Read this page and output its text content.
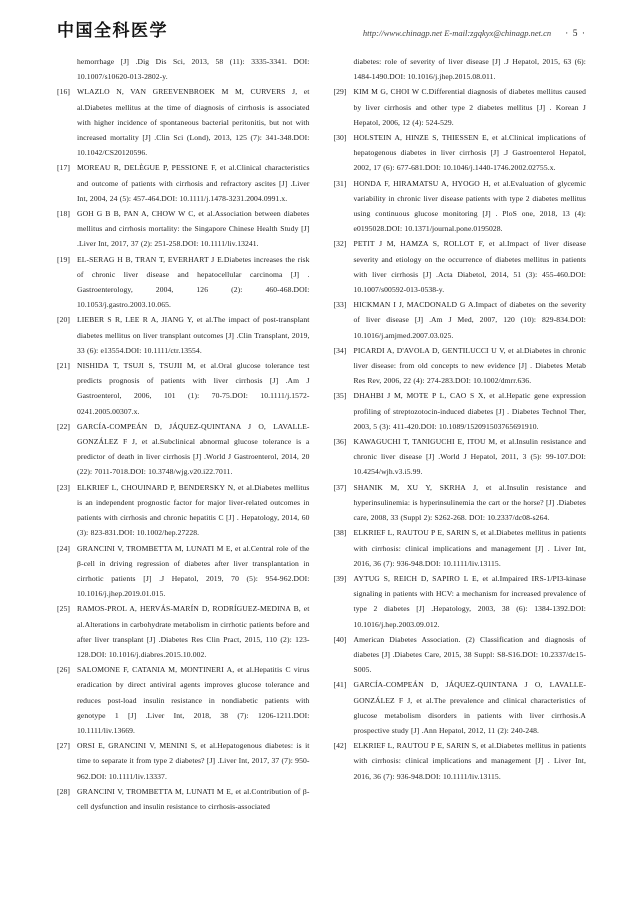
中国全科医学	http://www.chinagp.net E-mail:zgqkyx@chinagp.net.cn · 5 ·

hemorrhage [J] .Dig Dis Sci, 2013, 58 (11): 3335-3341. DOI: 10.1007/s10620-013-2802-y.

[16] WLAZLO N, VAN GREEVENBROEK M M, CURVERS J, et al.Diabetes mellitus at the time of diagnosis of cirrhosis is associated with higher incidence of spontaneous bacterial peritonitis, but not with increased mortality [J] .Clin Sci (Lond), 2013, 125 (7): 341-348.DOI: 10.1042/CS20120596.

[17] MOREAU R, DELÈGUE P, PESSIONE F, et al.Clinical characteristics and outcome of patients with cirrhosis and refractory ascites [J] .Liver Int, 2004, 24 (5): 457-464.DOI: 10.1111/j.1478-3231.2004.0991.x.

[18] GOH G B B, PAN A, CHOW W C, et al.Association between diabetes mellitus and cirrhosis mortality: the Singapore Chinese Health Study [J] .Liver Int, 2017, 37 (2): 251-258.DOI: 10.1111/liv.13241.

[19] EL-SERAG H B, TRAN T, EVERHART J E.Diabetes increases the risk of chronic liver disease and hepatocellular carcinoma [J] . Gastroenterology, 2004, 126 (2): 460-468.DOI: 10.1053/j.gastro.2003.10.065.

[20] LIEBER S R, LEE R A, JIANG Y, et al.The impact of post-transplant diabetes mellitus on liver transplant outcomes [J] .Clin Transplant, 2019, 33 (6): e13554.DOI: 10.1111/ctr.13554.

[21] NISHIDA T, TSUJI S, TSUJII M, et al.Oral glucose tolerance test predicts prognosis of patients with liver cirrhosis [J] .Am J Gastroenterol, 2006, 101 (1): 70-75.DOI: 10.1111/j.1572-0241.2005.00307.x.

[22] GARCÍA-COMPEÁN D, JÁQUEZ-QUINTANA J O, LAVALLE-GONZÁLEZ F J, et al.Subclinical abnormal glucose tolerance is a predictor of death in liver cirrhosis [J] .World J Gastroenterol, 2014, 20 (22): 7011-7018.DOI: 10.3748/wjg.v20.i22.7011.

[23] ELKRIEF L, CHOUINARD P, BENDERSKY N, et al.Diabetes mellitus is an independent prognostic factor for major liver-related outcomes in patients with cirrhosis and chronic hepatitis C [J] . Hepatology, 2014, 60 (3): 823-831.DOI: 10.1002/hep.27228.

[24] GRANCINI V, TROMBETTA M, LUNATI M E, et al.Central role of the β-cell in driving regression of diabetes after liver transplantation in cirrhotic patients [J] .J Hepatol, 2019, 70 (5): 954-962.DOI: 10.1016/j.jhep.2019.01.015.

[25] RAMOS-PROL A, HERVÁS-MARÍN D, RODRÍGUEZ-MEDINA B, et al.Alterations in carbohydrate metabolism in cirrhotic patients before and after liver transplant [J] .Diabetes Res Clin Pract, 2015, 110 (2): 123-128.DOI: 10.1016/j.diabres.2015.10.002.

[26] SALOMONE F, CATANIA M, MONTINERI A, et al.Hepatitis C virus eradication by direct antiviral agents improves glucose tolerance and reduces post-load insulin resistance in nondiabetic patients with genotype 1 [J] .Liver Int, 2018, 38 (7): 1206-1211.DOI: 10.1111/liv.13669.

[27] ORSI E, GRANCINI V, MENINI S, et al.Hepatogenous diabetes: is it time to separate it from type 2 diabetes? [J] .Liver Int, 2017, 37 (7): 950-962.DOI: 10.1111/liv.13337.

[28] GRANCINI V, TROMBETTA M, LUNATI M E, et al.Contribution of β-cell dysfunction and insulin resistance to cirrhosis-associated

diabetes: role of severity of liver disease [J] .J Hepatol, 2015, 63 (6): 1484-1490.DOI: 10.1016/j.jhep.2015.08.011.

[29] KIM M G, CHOI W C.Differential diagnosis of diabetes mellitus caused by liver cirrhosis and other type 2 diabetes mellitus [J] . Korean J Hepatol, 2006, 12 (4): 524-529.

[30] HOLSTEIN A, HINZE S, THIESSEN E, et al.Clinical implications of hepatogenous diabetes in liver cirrhosis [J] .J Gastroenterol Hepatol, 2002, 17 (6): 677-681.DOI: 10.1046/j.1440-1746.2002.02755.x.

[31] HONDA F, HIRAMATSU A, HYOGO H, et al.Evaluation of glycemic variability in chronic liver disease patients with type 2 diabetes mellitus using continuous glucose monitoring [J] . PloS one, 2018, 13 (4): e0195028.DOI: 10.1371/journal.pone.0195028.

[32] PETIT J M, HAMZA S, ROLLOT F, et al.Impact of liver disease severity and etiology on the occurrence of diabetes mellitus in patients with liver cirrhosis [J] .Acta Diabetol, 2014, 51 (3): 455-460.DOI: 10.1007/s00592-013-0538-y.

[33] HICKMAN I J, MACDONALD G A.Impact of diabetes on the severity of liver disease [J] .Am J Med, 2007, 120 (10): 829-834.DOI: 10.1016/j.amjmed.2007.03.025.

[34] PICARDI A, D'AVOLA D, GENTILUCCI U V, et al.Diabetes in chronic liver disease: from old concepts to new evidence [J] . Diabetes Metab Res Rev, 2006, 22 (4): 274-283.DOI: 10.1002/dmrr.636.

[35] DHAHBI J M, MOTE P L, CAO S X, et al.Hepatic gene expression profiling of streptozotocin-induced diabetes [J] . Diabetes Technol Ther, 2003, 5 (3): 411-420.DOI: 10.1089/152091503765691910.

[36] KAWAGUCHI T, TANIGUCHI E, ITOU M, et al.Insulin resistance and chronic liver disease [J] .World J Hepatol, 2011, 3 (5): 99-107.DOI: 10.4254/wjh.v3.i5.99.

[37] SHANIK M, XU Y, SKRHA J, et al.Insulin resistance and hyperinsulinemia: is hyperinsulinemia the cart or the horse? [J] .Diabetes care, 2008, 33 (Suppl 2): S262-268. DOI: 10.2337/dc08-s264.

[38] ELKRIEF L, RAUTOU P E, SARIN S, et al.Diabetes mellitus in patients with cirrhosis: clinical implications and management [J] . Liver Int, 2016, 36 (7): 936-948.DOI: 10.1111/liv.13115.

[39] AYTUG S, REICH D, SAPIRO L E, et al.Impaired IRS-1/PI3-kinase signaling in patients with HCV: a mechanism for increased prevalence of type 2 diabetes [J] .Hepatology, 2003, 38 (6): 1384-1392.DOI: 10.1016/j.hep.2003.09.012.

[40] American Diabetes Association. (2) Classification and diagnosis of diabetes [J] .Diabetes Care, 2015, 38 Suppl: S8-S16.DOI: 10.2337/dc15-S005.

[41] GARCÍA-COMPEÁN D, JÁQUEZ-QUINTANA J O, LAVALLE-GONZÁLEZ F J, et al.The prevalence and clinical characteristics of glucose metabolism disorders in patients with liver cirrhosis.A prospective study [J] .Ann Hepatol, 2012, 11 (2): 240-248.

[42] ELKRIEF L, RAUTOU P E, SARIN S, et al.Diabetes mellitus in patients with cirrhosis: clinical implications and management [J] . Liver Int, 2016, 36 (7): 936-948.DOI: 10.1111/liv.13115.
